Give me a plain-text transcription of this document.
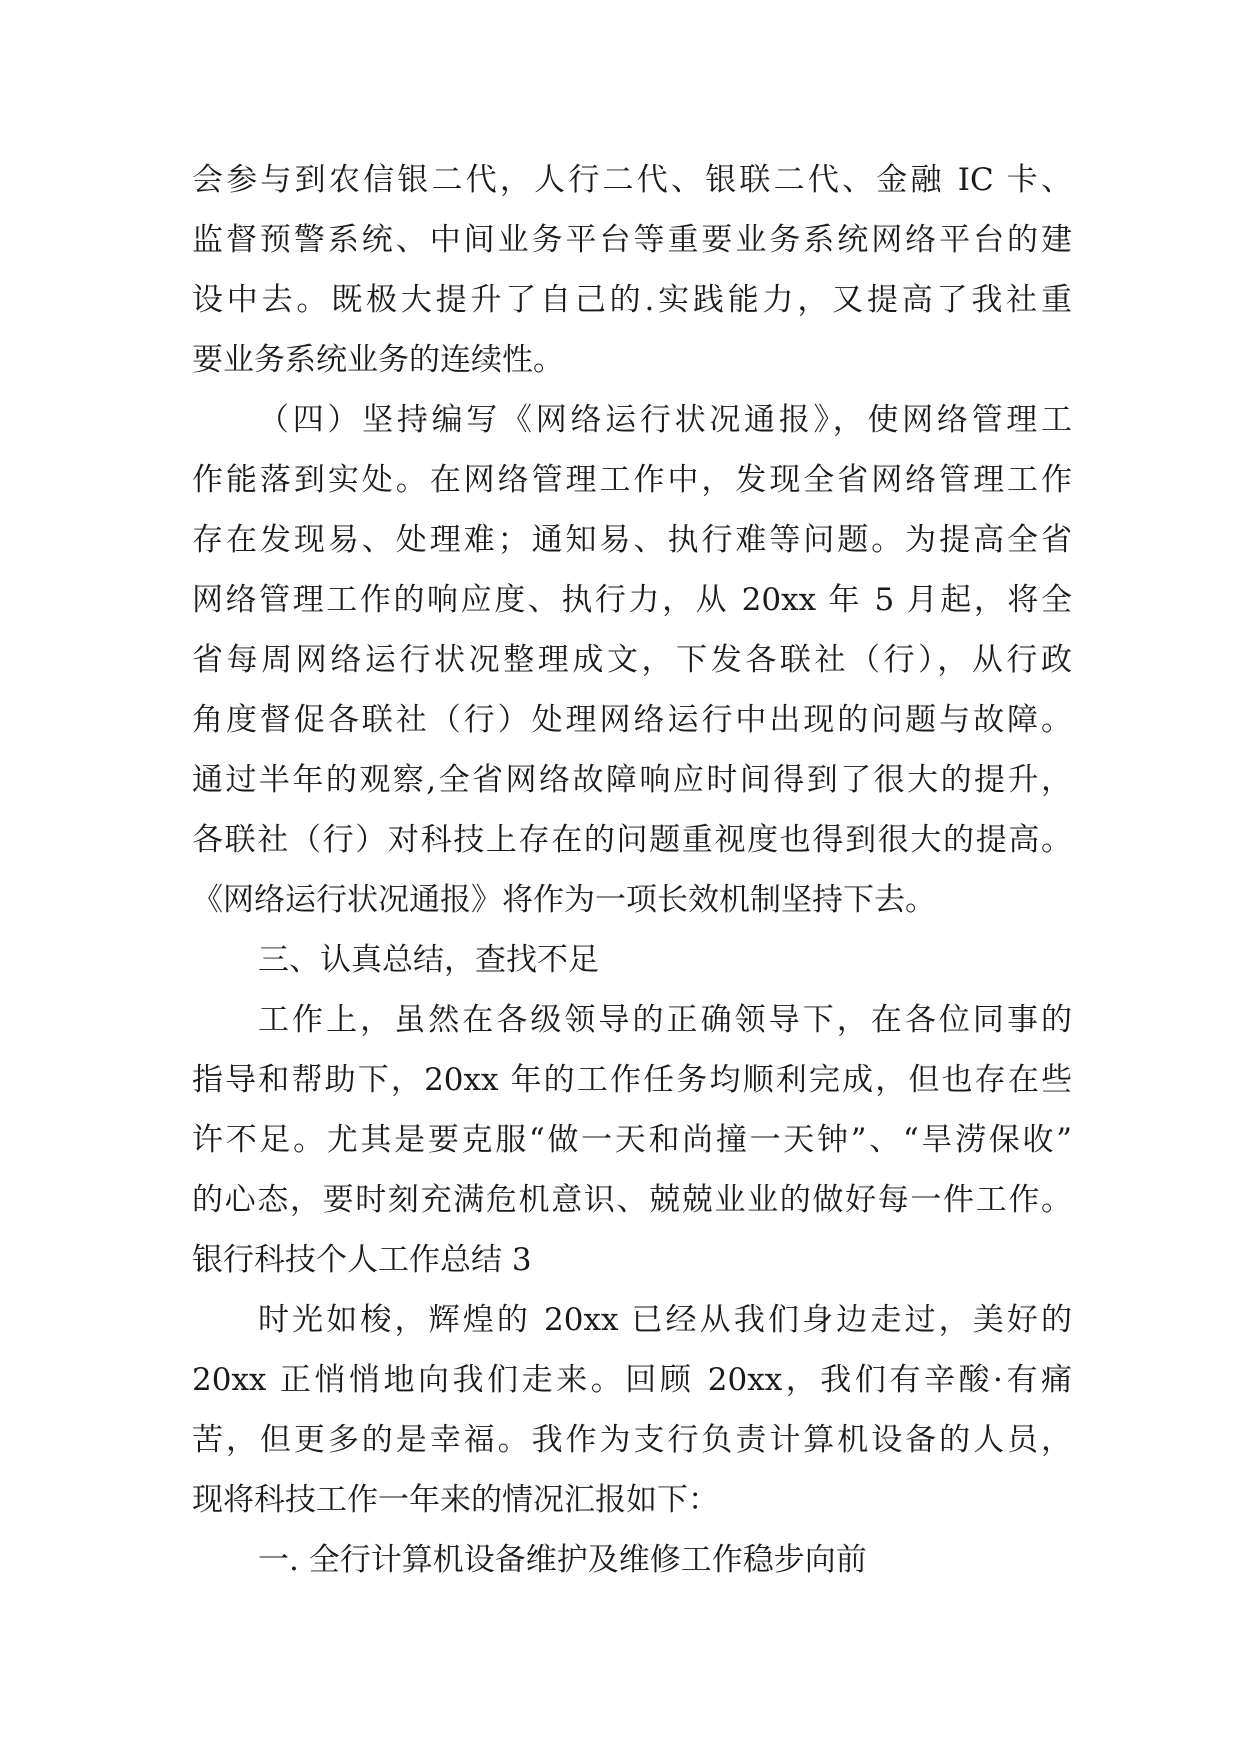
会参与到农信银二代，人行二代、银联二代、金融 IC 卡、
监督预警系统、中间业务平台等重要业务系统网络平台的建
设中去。既极大提升了自己的.实践能力，又提高了我社重
要业务系统业务的连续性。
（四）坚持编写《网络运行状况通报》，使网络管理工
作能落到实处。在网络管理工作中，发现全省网络管理工作
存在发现易、处理难；通知易、执行难等问题。为提高全省
网络管理工作的响应度、执行力，从 20xx 年 5 月起，将全
省每周网络运行状况整理成文，下发各联社（行），从行政
角度督促各联社（行）处理网络运行中出现的问题与故障。
通过半年的观察,全省网络故障响应时间得到了很大的提升，
各联社（行）对科技上存在的问题重视度也得到很大的提高。
《网络运行状况通报》将作为一项长效机制坚持下去。
三、认真总结，查找不足
工作上，虽然在各级领导的正确领导下，在各位同事的
指导和帮助下，20xx 年的工作任务均顺利完成，但也存在些
许不足。尤其是要克服“做一天和尚撞一天钟”、“旱涝保收”
的心态，要时刻充满危机意识、兢兢业业的做好每一件工作。
银行科技个人工作总结 3
时光如梭，辉煌的 20xx 已经从我们身边走过，美好的
20xx 正悄悄地向我们走来。回顾 20xx，我们有辛酸·有痛
苦，但更多的是幸福。我作为支行负责计算机设备的人员，
现将科技工作一年来的情况汇报如下：
一. 全行计算机设备维护及维修工作稳步向前
